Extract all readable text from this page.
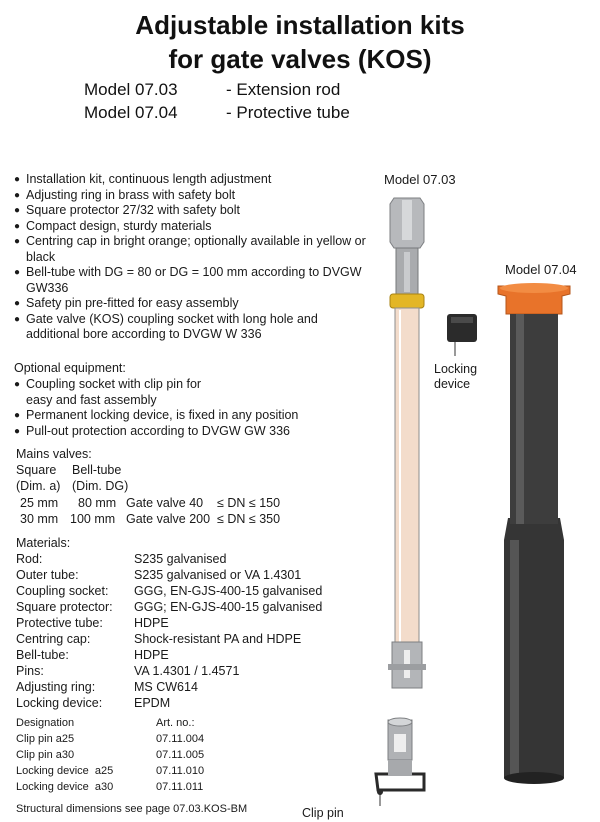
Adjustable installation kits
for gate valves (KOS)
Model 07.03	- Extension rod
Model 07.04	- Protective tube
● Installation kit, continuous length adjustment
● Adjusting ring in brass with safety bolt
● Square protector 27/32 with safety bolt
● Compact design, sturdy materials
● Centring cap in bright orange; optionally available in yellow or black
● Bell-tube with DG = 80 or DG = 100 mm according to DVGW GW336
● Safety pin pre-fitted for easy assembly
● Gate valve (KOS) coupling socket with long hole and additional bore according to DVGW W 336
Optional equipment:
● Coupling socket with clip pin for easy and fast assembly
● Permanent locking device, is fixed in any position
● Pull-out protection according to DVGW GW 336
Mains valves:
Square Bell-tube
(Dim. a) (Dim. DG)
25 mm 80 mm Gate valve 40 ≤ DN ≤ 150
30 mm 100 mm Gate valve 200 ≤ DN ≤ 350
Materials:
Rod:	S235 galvanised
Outer tube:	S235 galvanised or VA 1.4301
Coupling socket: GGG, EN-GJS-400-15 galvanised
Square protector: GGG; EN-GJS-400-15 galvanised
Protective tube: HDPE
Centring cap:	Shock-resistant PA and HDPE
Bell-tube:	HDPE
Pins:	VA 1.4301 / 1.4571
Adjusting ring:	MS CW614
Locking device:	EPDM
Designation	Art. no.:
Clip pin a25	07.11.004
Clip pin a30	07.11.005
Locking device  a25	07.11.010
Locking device  a30	07.11.011
Structural dimensions see page 07.03.KOS-BM
Model 07.03
Model 07.04
Locking
device
Clip pin
